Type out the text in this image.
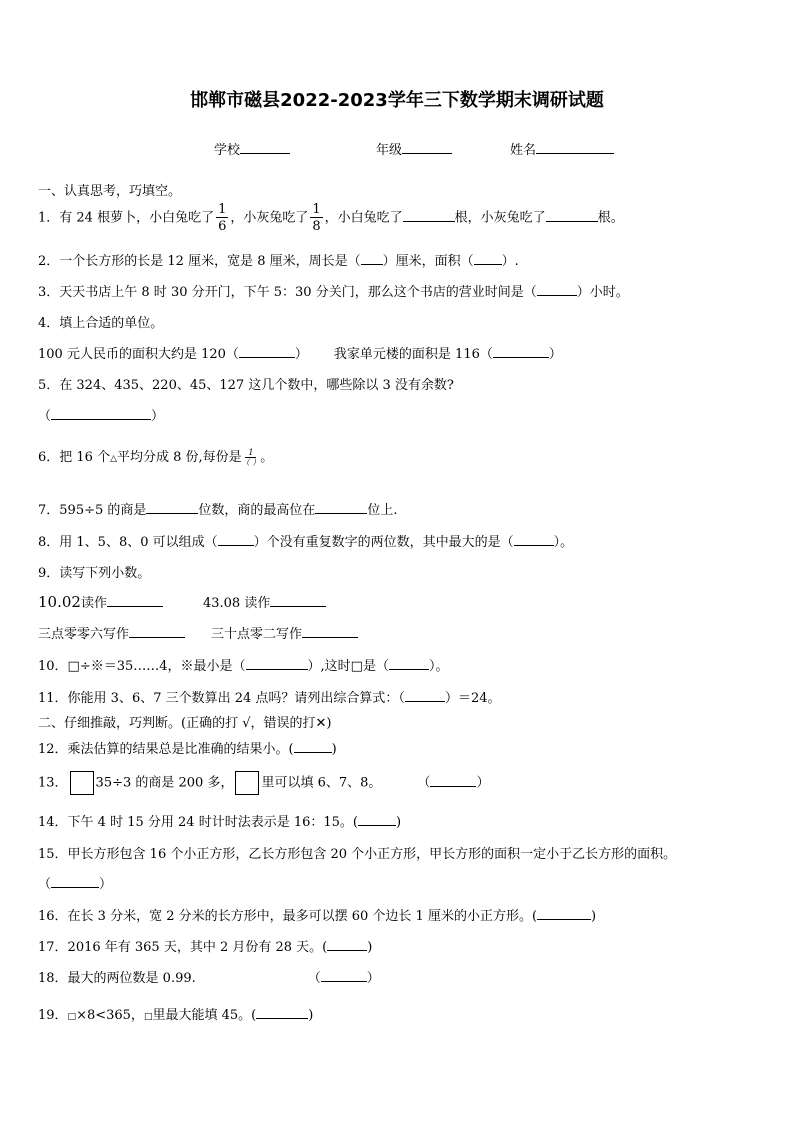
邯郸市磁县2022-2023学年三下数学期末调研试题
学校	年级	姓名
一、认真思考，巧填空。
1．有 24 根萝卜，小白兔吃了 $\frac{1}{6}$ ，小灰兔吃了 $\frac{1}{8}$ ，小白兔吃了	根，小灰兔吃了	根。
2．一个长方形的长是 12 厘米，宽是 8 厘米，周长是（ ）厘米，面积（ ）.
3．天天书店上午 8 时 30 分开门，下午 5：30 分关门，那么这个书店的营业时间是（	）小时。
4．填上合适的单位。
100 元人民币的面积大约是 120（	） 我家单元楼的面积是 116（	）
5．在 324、435、220、45、127 这几个数中，哪些除以 3 没有余数?
（	）
6．把 16 个△平均分成 8 份,每份是 1
（ ） 。
7．595÷5 的商是	位数，商的最高位在	位上.
8．用 1、5、8、0 可以组成（	）个没有重复数字的两位数，其中最大的是（	）。
9．读写下列小数。
10.02读作	43.08 读作
三点零零六写作	三十点零二写作
10．□÷※＝35……4，※最小是（	）,这时□是（	）。
11．你能用 3、6、7 三个数算出 24 点吗？请列出综合算式：（	）＝24。
二、仔细推敲，巧判断。(正确的打 √，错误的打✕)
12．乘法估算的结果总是比准确的结果小。(	)
13． 35÷3 的商是 200 多， 里可以填 6、7、8。	（	）
14．下午 4 时 15 分用 24 时计时法表示是 16：15。(	)
15．甲长方形包含 16 个小正方形，乙长方形包含 20 个小正方形，甲长方形的面积一定小于乙长方形的面积。
（	）
16．在长 3 分米，宽 2 分米的长方形中，最多可以摆 60 个边长 1 厘米的小正方形。(	)
17．2016 年有 365 天，其中 2 月份有 28 天。(	)
18．最大的两位数是 0.99.	（	）
19．□×8<365，□里最大能填 45。(	)
